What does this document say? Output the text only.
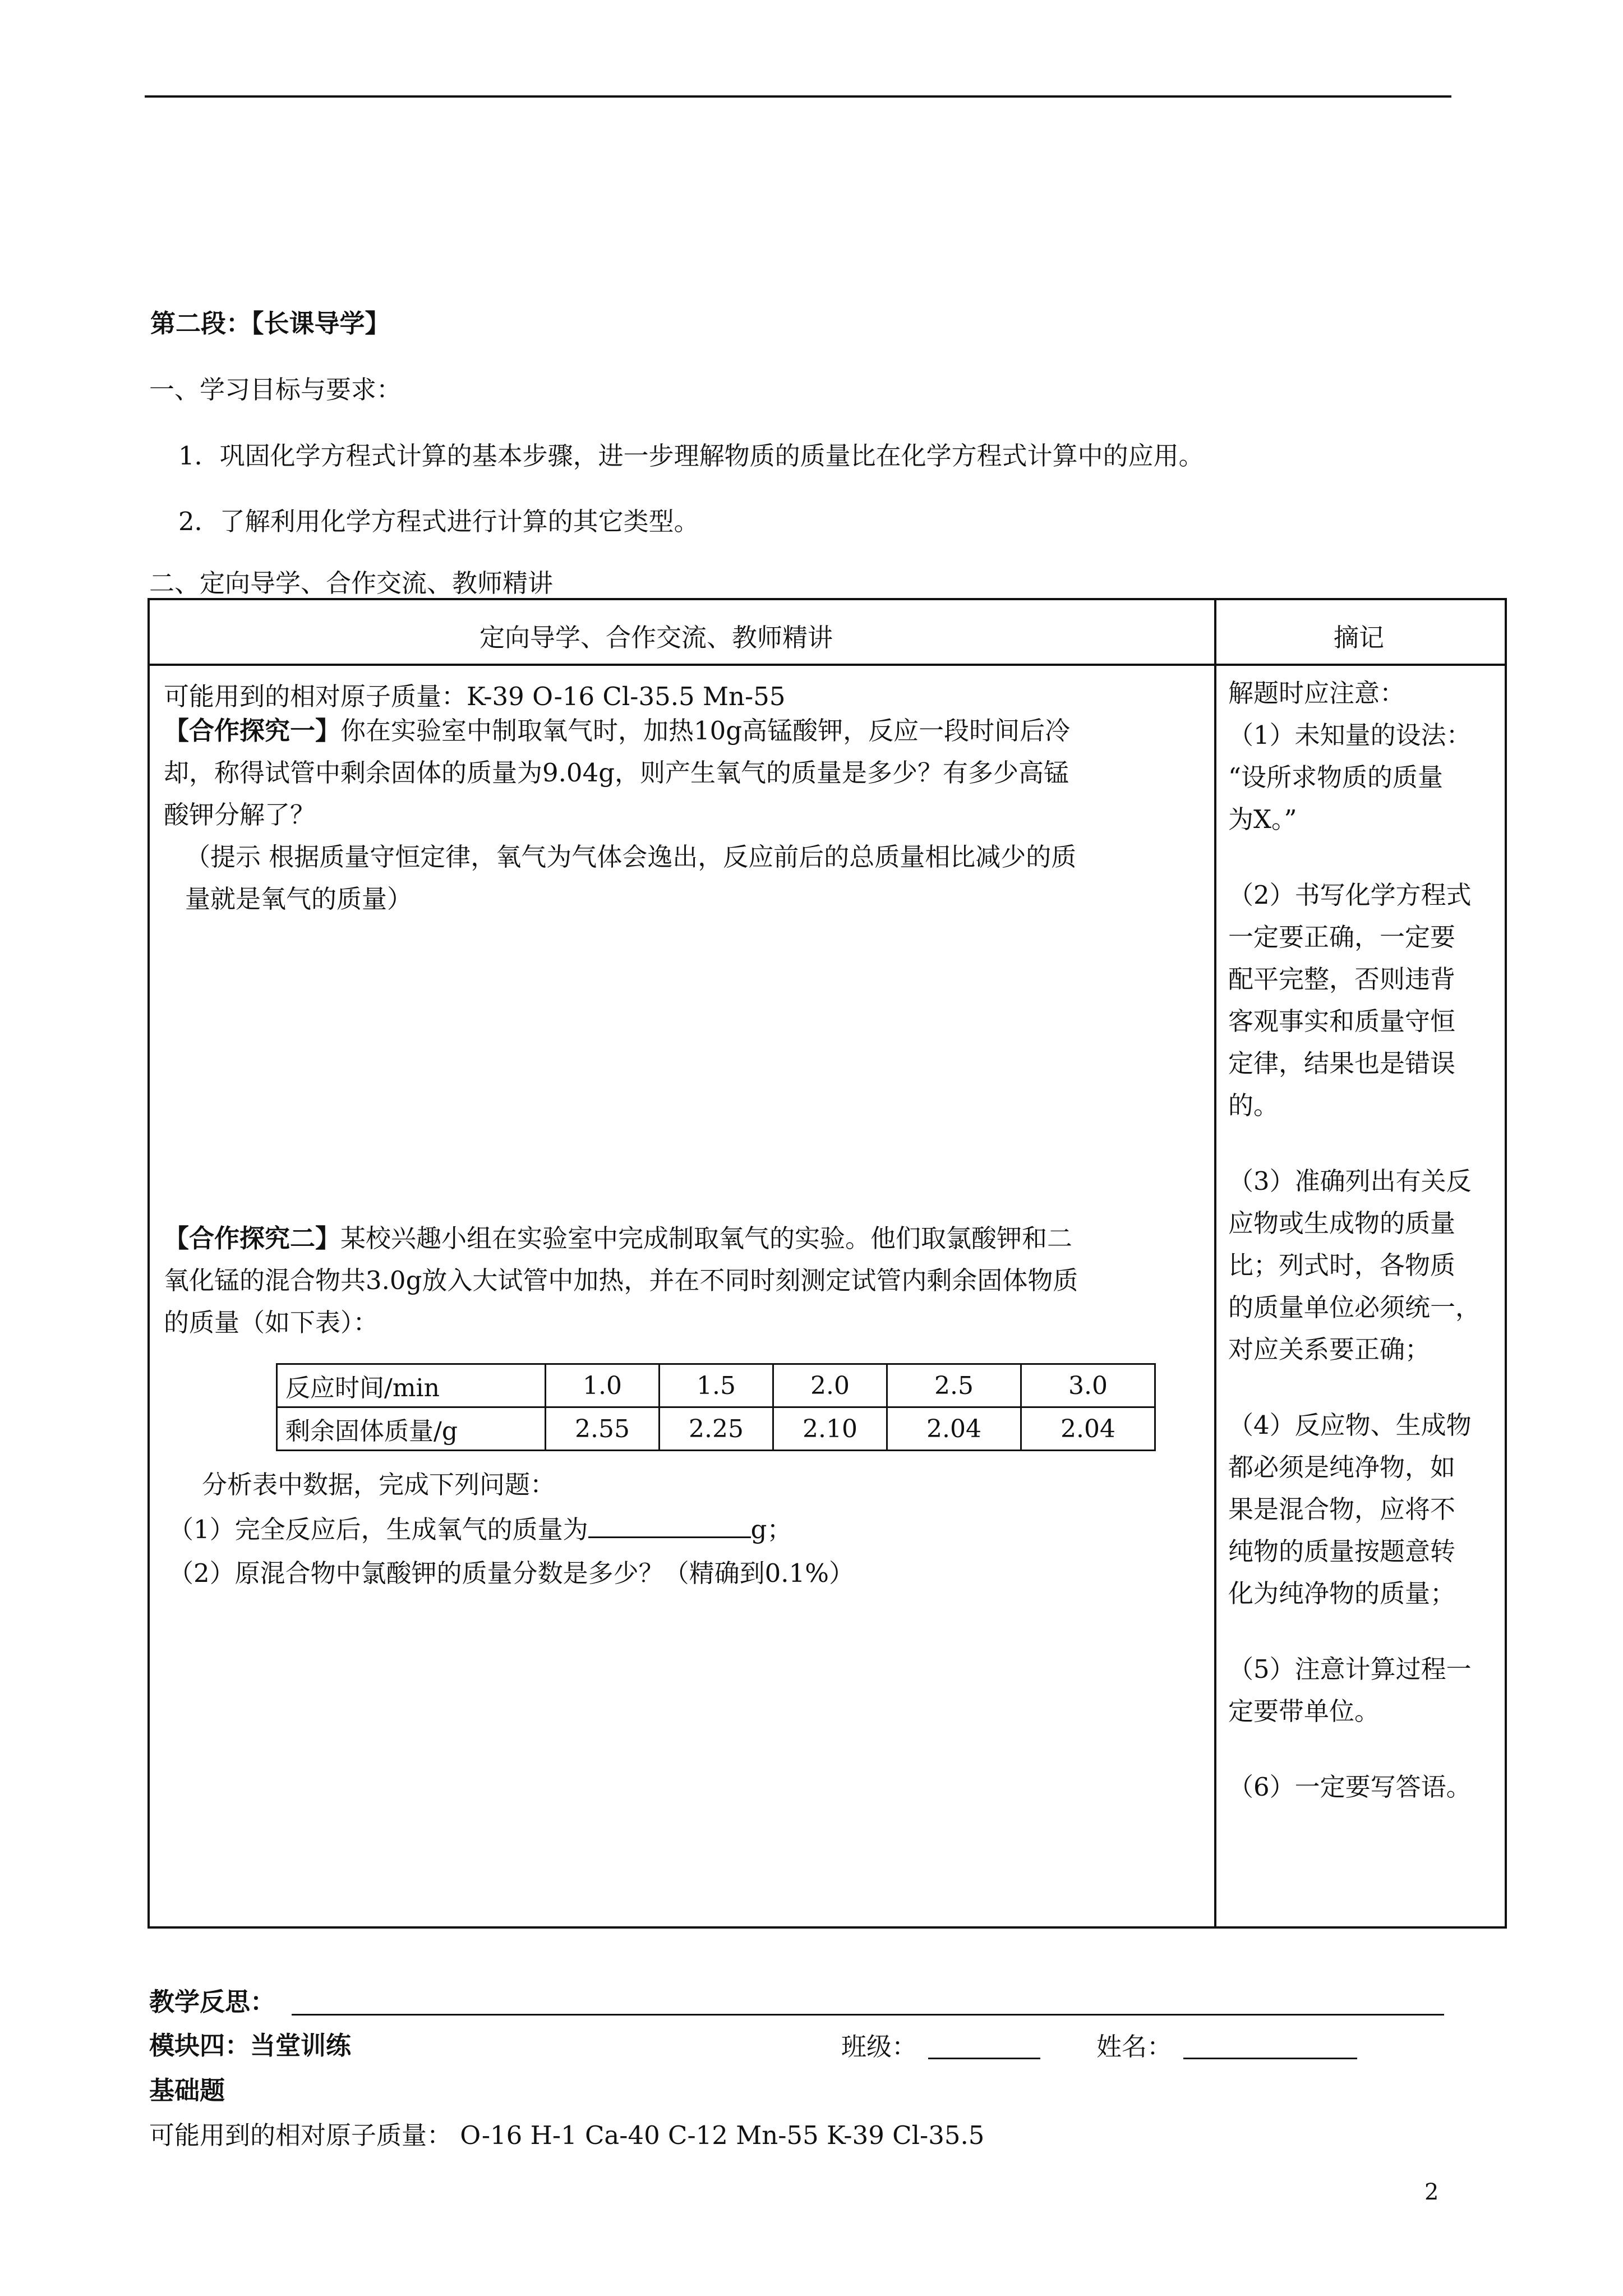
第二段：【长课导学】
一、学习目标与要求：
1．巩固化学方程式计算的基本步骤，进一步理解物质的质量比在化学方程式计算中的应用。
2．了解利用化学方程式进行计算的其它类型。
二、定向导学、合作交流、教师精讲
定向导学、合作交流、教师精讲	摘记
可能用到的相对原子质量：K-39 O-16 Cl-35.5 Mn-55
【合作探究一】你在实验室中制取氧气时，加热10g高锰酸钾，反应一段时间后冷
却，称得试管中剩余固体的质量为9.04g，则产生氧气的质量是多少？有多少高锰
酸钾分解了？
（提示 根据质量守恒定律，氧气为气体会逸出，反应前后的总质量相比减少的质
量就是氧气的质量）
【合作探究二】某校兴趣小组在实验室中完成制取氧气的实验。他们取氯酸钾和二
氧化锰的混合物共3.0g放入大试管中加热，并在不同时刻测定试管内剩余固体物质
的质量（如下表）：
反应时间/min	1.0	1.5	2.0	2.5	3.0
剩余固体质量/g	2.55	2.25	2.10	2.04	2.04
分析表中数据，完成下列问题：
（1）完全反应后，生成氧气的质量为	g；
（2）原混合物中氯酸钾的质量分数是多少？（精确到0.1%）
解题时应注意：
（1）未知量的设法：
“设所求物质的质量
为X。”
（2）书写化学方程式
一定要正确，一定要
配平完整，否则违背
客观事实和质量守恒
定律，结果也是错误
的。
（3）准确列出有关反
应物或生成物的质量
比；列式时，各物质
的质量单位必须统一，
对应关系要正确；
（4）反应物、生成物
都必须是纯净物，如
果是混合物，应将不
纯物的质量按题意转
化为纯净物的质量；
（5）注意计算过程一
定要带单位。
（6）一定要写答语。
教学反思：
模块四：当堂训练	班级：	姓名：
基础题
可能用到的相对原子质量： O-16 H-1 Ca-40 C-12 Mn-55 K-39 Cl-35.5
2
